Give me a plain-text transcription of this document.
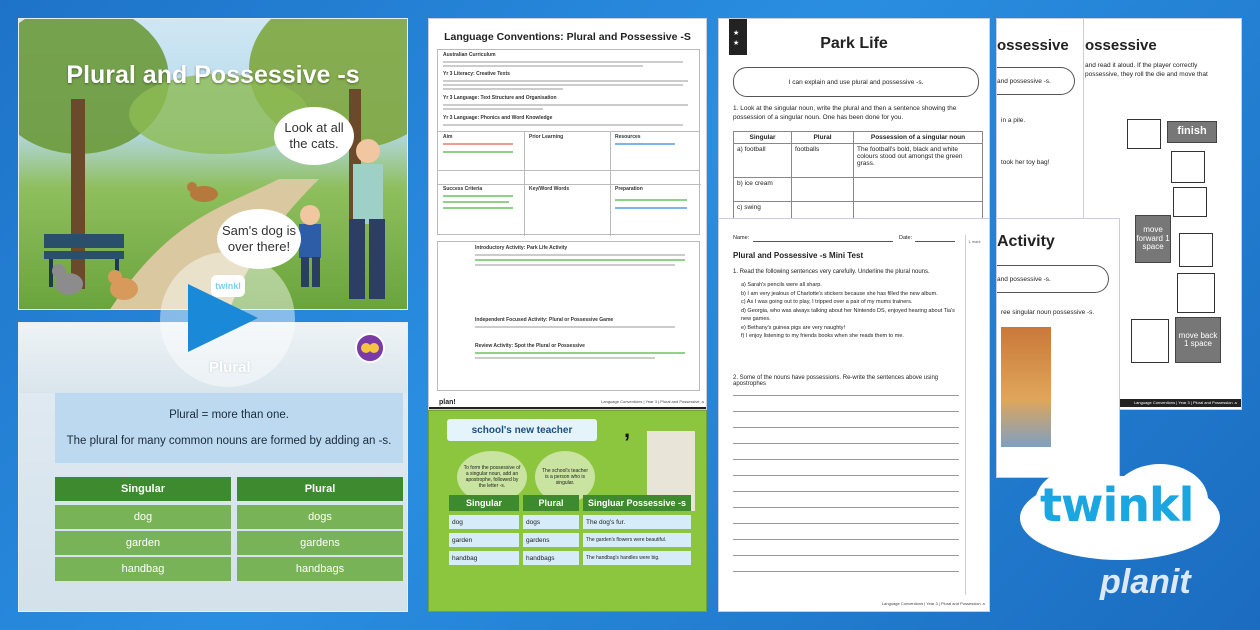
Plural and Possessive -s
Look at all the cats.
Sam's dog is over there!
twinkl
Plural
Plural = more than one.
The plural for many common nouns are formed by adding an -s.
Singular	Plural
dog	dogs
garden	gardens
handbag	handbags
Language Conventions: Plural and Possessive -S
Australian Curriculum
Yr 3 Literacy: Creative Texts
Yr 3 Language: Text Structure and Organisation
Yr 3 Language: Phonics and Word Knowledge
Aim	Prior Learning	Resources
Success Criteria	Key/Word Words	Preparation
Introductory Activity: Park Life Activity
Independent Focused Activity: Plural or Possessive Game
Review Activity: Spot the Plural or Possessive
plan!	Language Conventions | Year 3 | Plural and Possessive -s
school's new teacher	,
To form the possessive of a singular noun, add an apostrophe, followed by the letter -s.
The school's teacher is a person who is singular.
Singular	Plural	Singluar Possessive -s
dog	dogs	The dog's fur.
garden	gardens	The garden's flowers were beautiful.
handbag	handbags	The handbag's handles were big.
ossessive
and read it aloud. If the player correctly possessive, they roll the die and move that
finish
move forward 1 space
move back 1 space
Language Conventions | Year 3 | Plural and Possession -s
ossessive
and possessive -s.
in a pile.
took her toy bag!
Activity
and possessive -s.
ree singular noun possessive -s.
★
★	Park Life
I can explain and use plural and possessive -s.
1. Look at the singular noun, write the plural and then a sentence showing the possession of a singular noun. One has been done for you.
Singular	Plural	Possession of a singular noun
a) football	footballs	The football's bold, black and white colours stood out amongst the green grass.
b) ice cream		
c) swing		
Name:	Date:
Plural and Possessive -s Mini Test
1. Read the following sentences very carefully. Underline the plural nouns.
a) Sarah's pencils were all sharp.
b) I am very jealous of Charlotte's stickers because she has filled the new album.
c) As I was going out to play, I tripped over a pair of my mums trainers.
d) Georgia, who was always talking about her Nintendo DS, enjoyed hearing about Tia's new games.
e) Bethany's guinea pigs are very naughty!
f) I enjoy listening to my friends books when she reads them to me.
1 mark
2. Some of the nouns have possessions. Re-write the sentences above using apostrophes
Language Conventions | Year 3 | Plural and Possession -s
twinkl
planit
